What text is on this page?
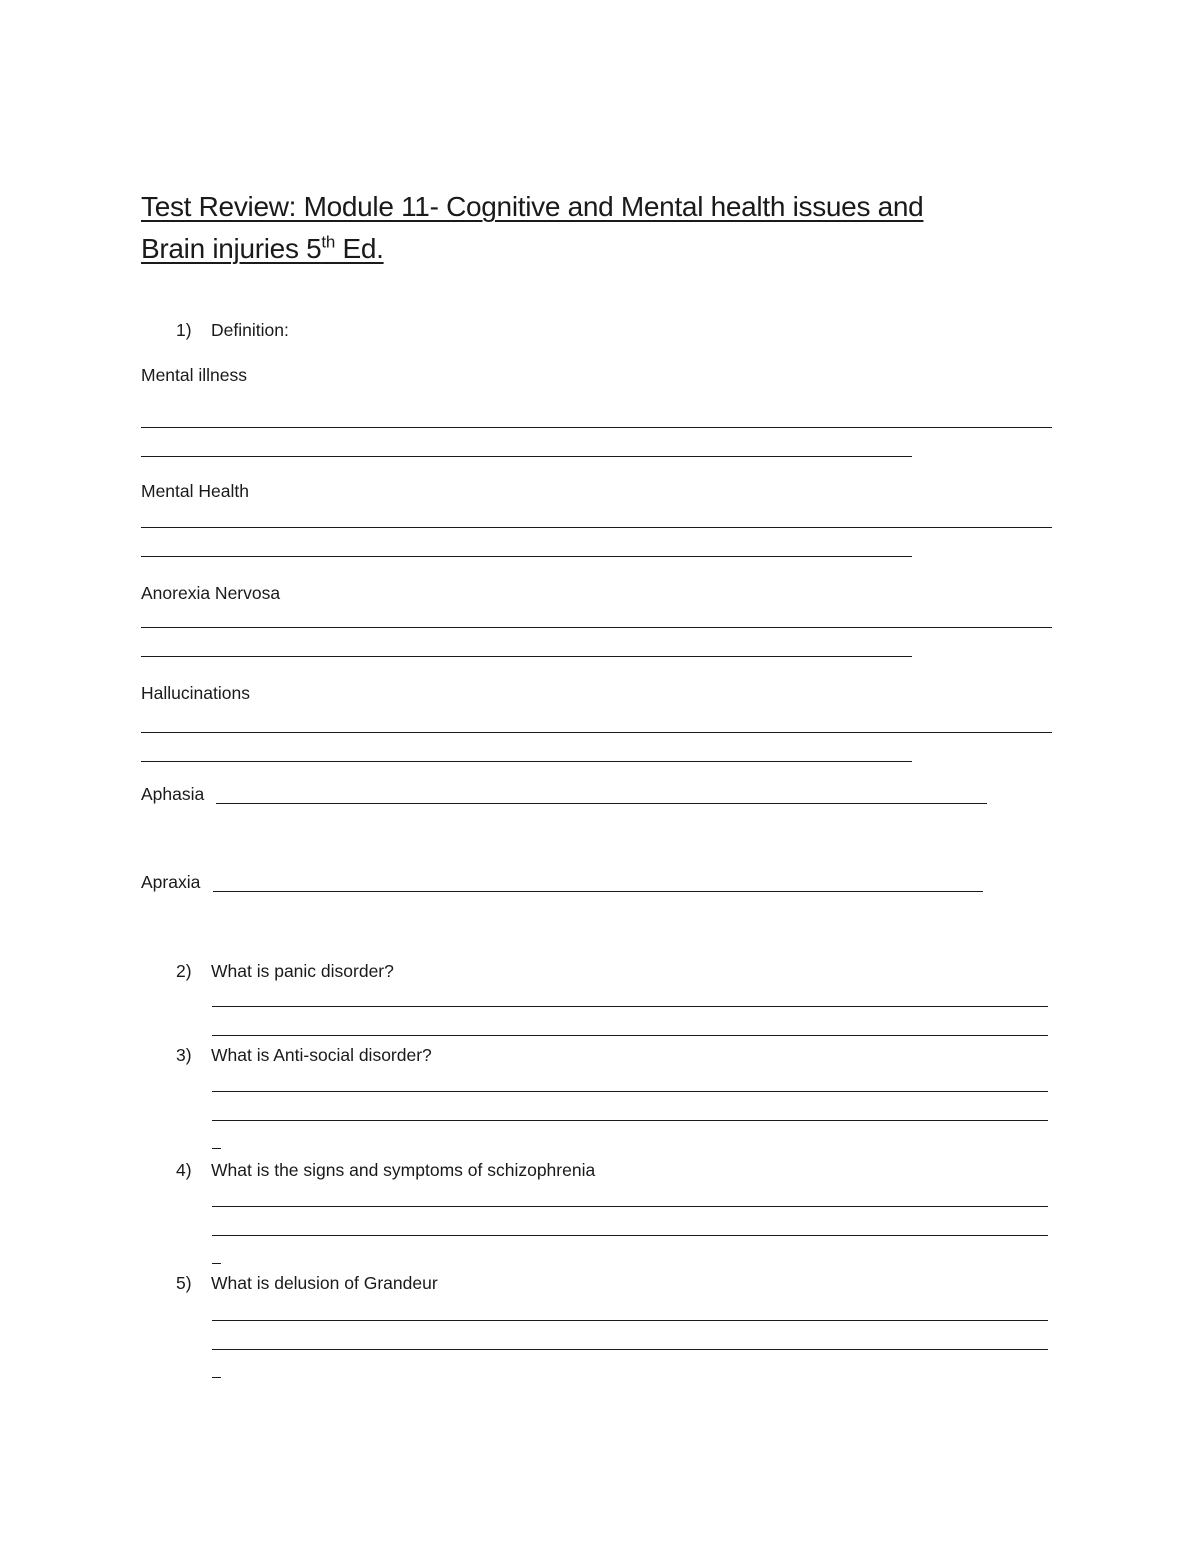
Test Review: Module 11- Cognitive and Mental health issues and
Brain injuries 5th Ed.
1) Definition:
Mental illness
Mental Health
Anorexia Nervosa
Hallucinations
Aphasia
Apraxia
2) What is panic disorder?
3) What is Anti-social disorder?
4) What is the signs and symptoms of schizophrenia
5) What is delusion of Grandeur
